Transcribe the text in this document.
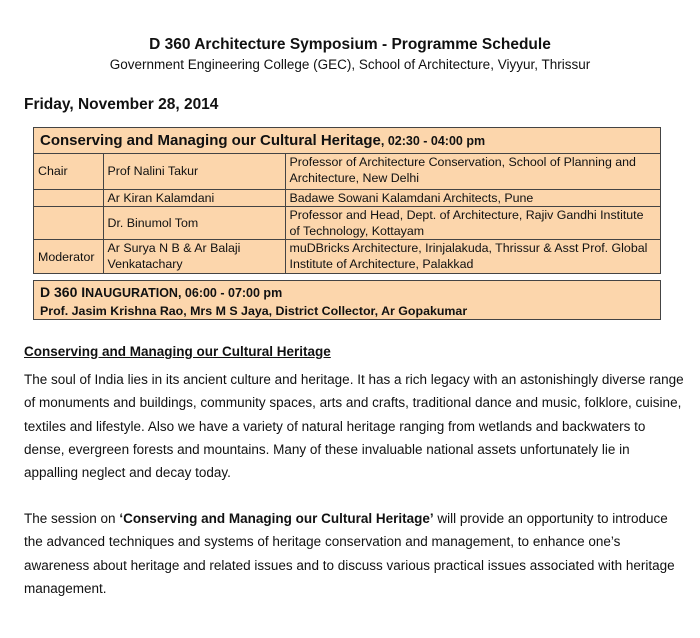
D 360 Architecture Symposium - Programme Schedule
Government Engineering College (GEC), School of Architecture, Viyyur, Thrissur
Friday, November 28, 2014
Conserving and Managing our Cultural Heritage, 02:30 - 04:00 pm
Chair	Prof Nalini Takur	Professor of Architecture Conservation, School of Planning and Architecture, New Delhi
	Ar Kiran Kalamdani	Badawe Sowani Kalamdani Architects, Pune
	Dr. Binumol Tom	Professor and Head, Dept. of Architecture, Rajiv Gandhi Institute of Technology, Kottayam
Moderator	Ar Surya N B & Ar Balaji Venkatachary	muDBricks Architecture, Irinjalakuda, Thrissur & Asst Prof. Global Institute of Architecture, Palakkad
D 360 INAUGURATION, 06:00 - 07:00 pm
Prof. Jasim Krishna Rao, Mrs M S Jaya, District Collector, Ar Gopakumar
Conserving and Managing our Cultural Heritage
The soul of India lies in its ancient culture and heritage. It has a rich legacy with an astonishingly diverse range of monuments and buildings, community spaces, arts and crafts, traditional dance and music, folklore, cuisine, textiles and lifestyle. Also we have a variety of natural heritage ranging from wetlands and backwaters to dense, evergreen forests and mountains. Many of these invaluable national assets unfortunately lie in appalling neglect and decay today.
The session on ‘Conserving and Managing our Cultural Heritage’ will provide an opportunity to introduce the advanced techniques and systems of heritage conservation and management, to enhance one’s awareness about heritage and related issues and to discuss various practical issues associated with heritage management.
